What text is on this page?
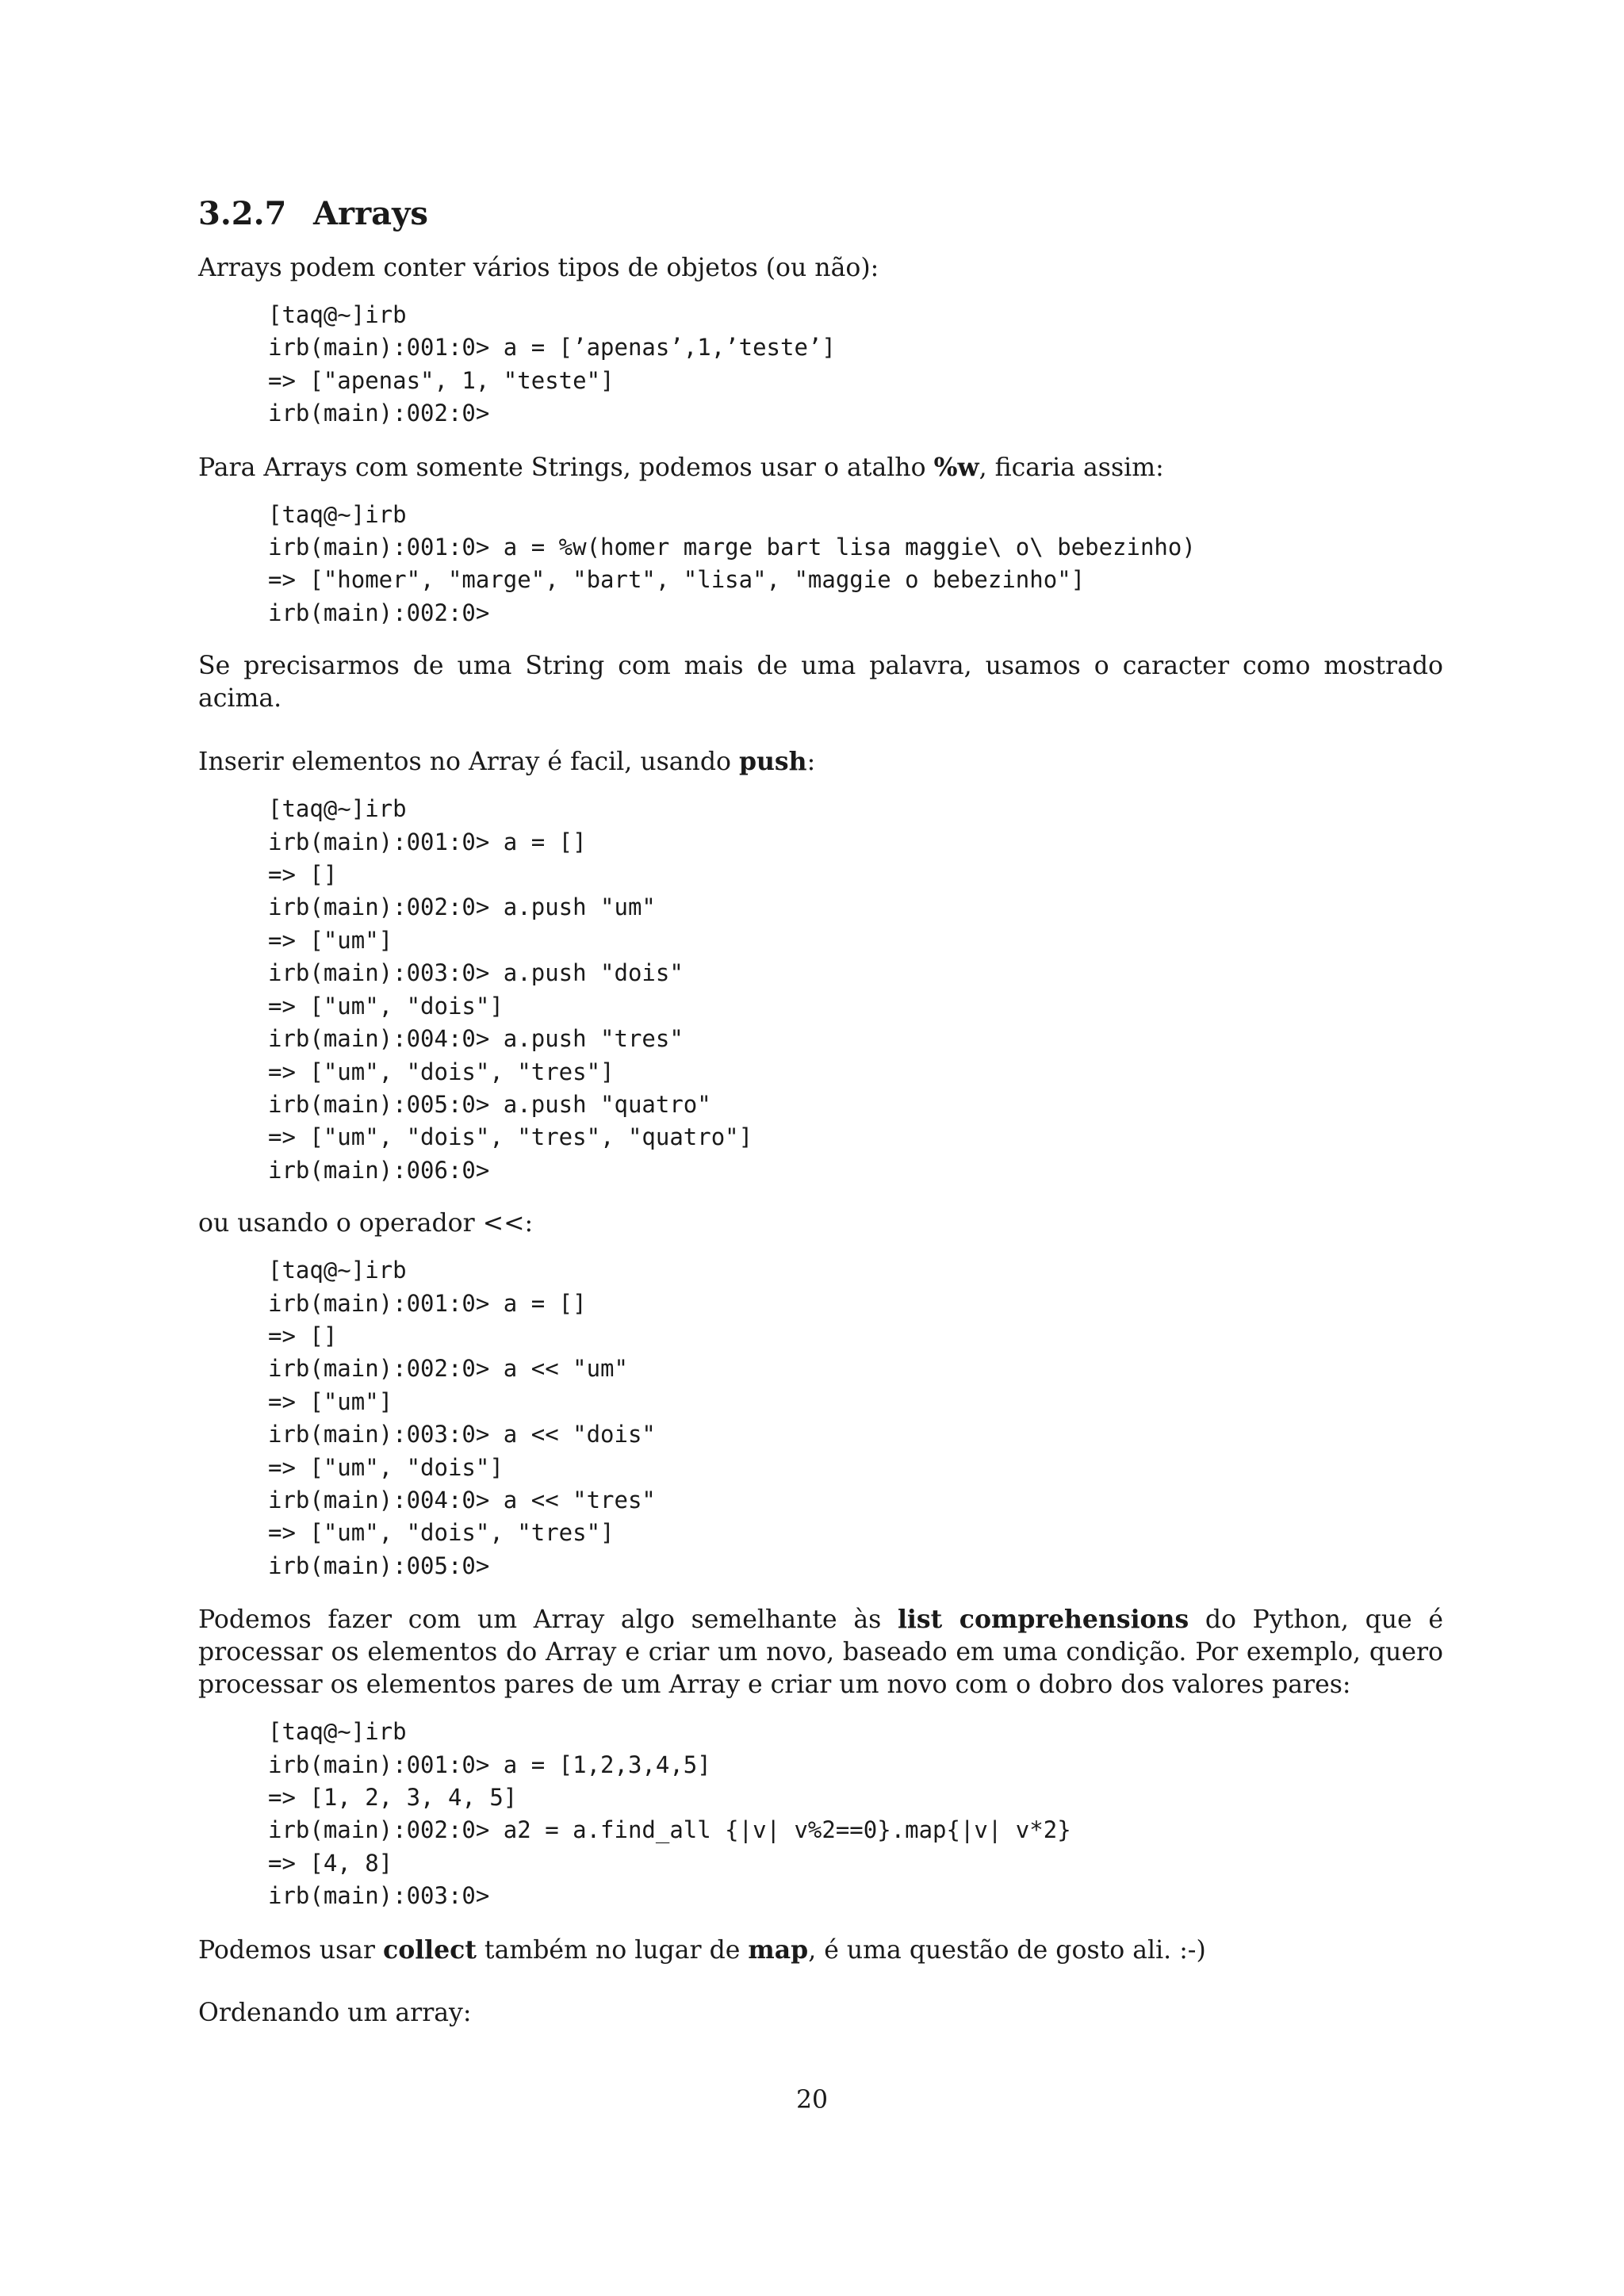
3.2.7 Arrays

Arrays podem conter vários tipos de objetos (ou não):

[taq@~]irb
irb(main):001:0> a = [’apenas’,1,’teste’]
=> ["apenas", 1, "teste"]
irb(main):002:0>

Para Arrays com somente Strings, podemos usar o atalho %w, ficaria assim:

[taq@~]irb
irb(main):001:0> a = %w(homer marge bart lisa maggie\ o\ bebezinho)
=> ["homer", "marge", "bart", "lisa", "maggie o bebezinho"]
irb(main):002:0>

Se precisarmos de uma String com mais de uma palavra, usamos o caracter como mostrado acima.

Inserir elementos no Array é facil, usando push:

[taq@~]irb
irb(main):001:0> a = []
=> []
irb(main):002:0> a.push "um"
=> ["um"]
irb(main):003:0> a.push "dois"
=> ["um", "dois"]
irb(main):004:0> a.push "tres"
=> ["um", "dois", "tres"]
irb(main):005:0> a.push "quatro"
=> ["um", "dois", "tres", "quatro"]
irb(main):006:0>

ou usando o operador <<:

[taq@~]irb
irb(main):001:0> a = []
=> []
irb(main):002:0> a << "um"
=> ["um"]
irb(main):003:0> a << "dois"
=> ["um", "dois"]
irb(main):004:0> a << "tres"
=> ["um", "dois", "tres"]
irb(main):005:0>

Podemos fazer com um Array algo semelhante às list comprehensions do Python, que é processar os elementos do Array e criar um novo, baseado em uma condição. Por exemplo, quero processar os elementos pares de um Array e criar um novo com o dobro dos valores pares:

[taq@~]irb
irb(main):001:0> a = [1,2,3,4,5]
=> [1, 2, 3, 4, 5]
irb(main):002:0> a2 = a.find_all {|v| v%2==0}.map{|v| v*2}
=> [4, 8]
irb(main):003:0>

Podemos usar collect também no lugar de map, é uma questão de gosto ali. :-)

Ordenando um array:

20
